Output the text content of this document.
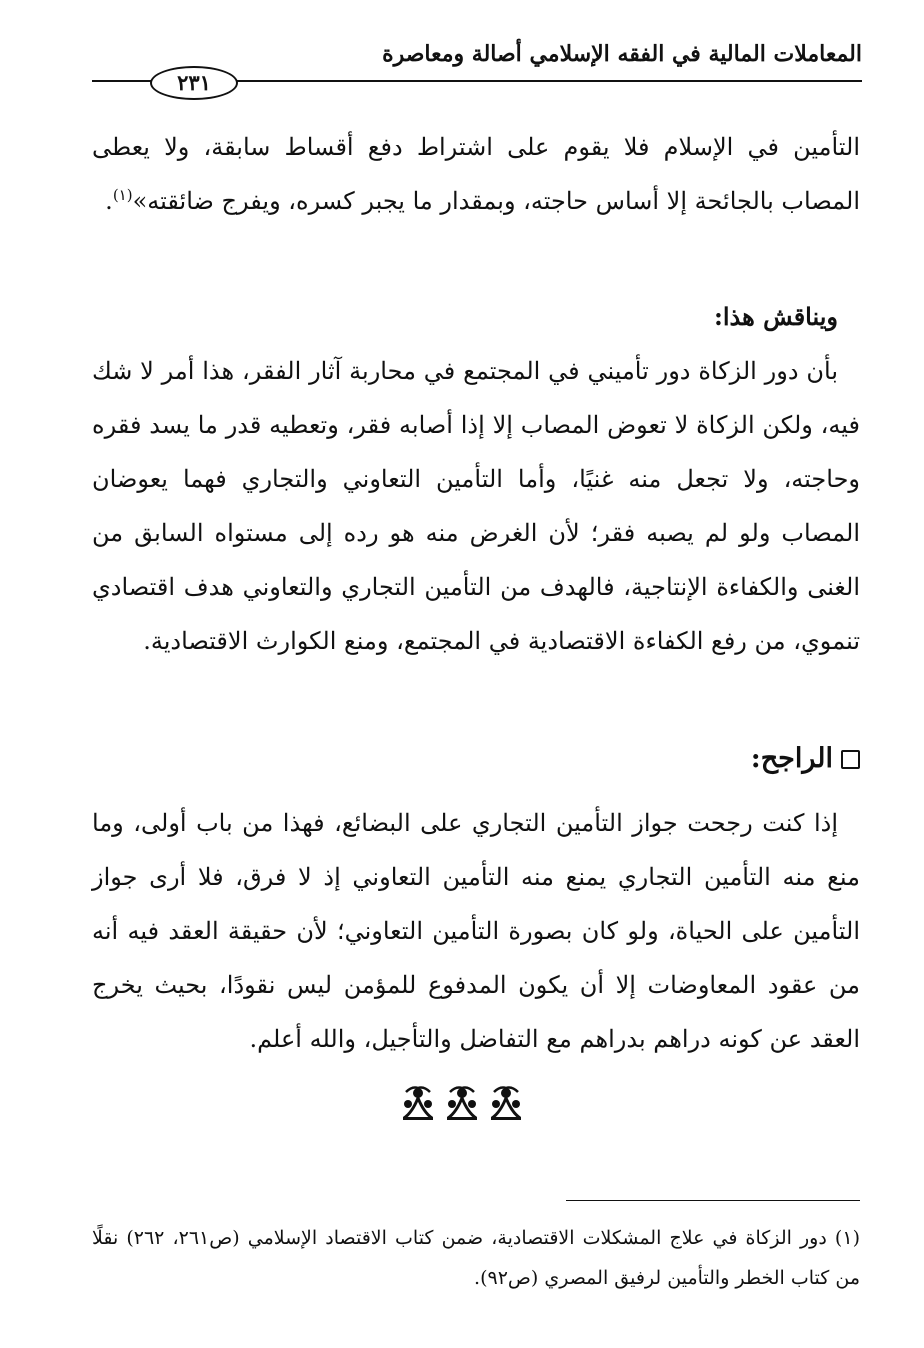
المعاملات المالية في الفقه الإسلامي أصالة ومعاصرة
٢٣١

التأمين في الإسلام فلا يقوم على اشتراط دفع أقساط سابقة، ولا يعطى المصاب بالجائحة إلا أساس حاجته، وبمقدار ما يجبر كسره، ويفرج ضائقته»$^{(١)}$.

ويناقش هذا:

بأن دور الزكاة دور تأميني في المجتمع في محاربة آثار الفقر، هذا أمر لا شك فيه، ولكن الزكاة لا تعوض المصاب إلا إذا أصابه فقر، وتعطيه قدر ما يسد فقره وحاجته، ولا تجعل منه غنيًا، وأما التأمين التعاوني والتجاري فهما يعوضان المصاب ولو لم يصبه فقر؛ لأن الغرض منه هو رده إلى مستواه السابق من الغنى والكفاءة الإنتاجية، فالهدف من التأمين التجاري والتعاوني هدف اقتصادي تنموي، من رفع الكفاءة الاقتصادية في المجتمع، ومنع الكوارث الاقتصادية.

الراجح:

إذا كنت رجحت جواز التأمين التجاري على البضائع، فهذا من باب أولى، وما منع منه التأمين التجاري يمنع منه التأمين التعاوني إذ لا فرق، فلا أرى جواز التأمين على الحياة، ولو كان بصورة التأمين التعاوني؛ لأن حقيقة العقد فيه أنه من عقود المعاوضات إلا أن يكون المدفوع للمؤمن ليس نقودًا، بحيث يخرج العقد عن كونه دراهم بدراهم مع التفاضل والتأجيل، والله أعلم.

(١) دور الزكاة في علاج المشكلات الاقتصادية، ضمن كتاب الاقتصاد الإسلامي (ص٢٦١، ٢٦٢) نقلًا من كتاب الخطر والتأمين لرفيق المصري (ص٩٢).
